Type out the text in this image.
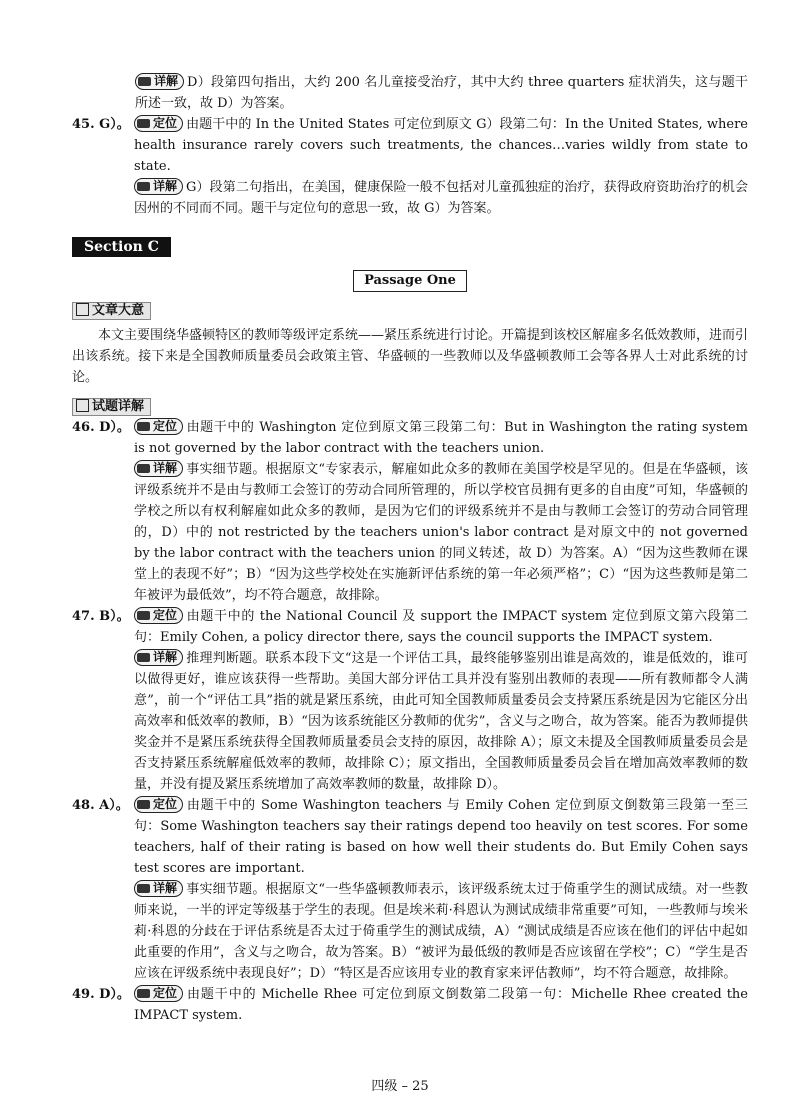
详解 D）段第四句指出，大约 200 名儿童接受治疗，其中大约 three quarters 症状消失，这与题干所述一致，故 D）为答案。

45. G）。	定位 由题干中的 In the United States 可定位到原文 G）段第二句：In the United States, where health insurance rarely covers such treatments, the chances…varies wildly from state to state.

详解 G）段第二句指出，在美国，健康保险一般不包括对儿童孤独症的治疗，获得政府资助治疗的机会因州的不同而不同。题干与定位句的意思一致，故 G）为答案。

Section C
Passage One
文章大意

本文主要围绕华盛顿特区的教师等级评定系统——紧压系统进行讨论。开篇提到该校区解雇多名低效教师，进而引出该系统。接下来是全国教师质量委员会政策主管、华盛顿的一些教师以及华盛顿教师工会等各界人士对此系统的讨论。

试题详解
46. D）。	定位 由题干中的 Washington 定位到原文第三段第二句：But in Washington the rating system is not governed by the labor contract with the teachers union.

详解 事实细节题。根据原文“专家表示，解雇如此众多的教师在美国学校是罕见的。但是在华盛顿，该评级系统并不是由与教师工会签订的劳动合同所管理的，所以学校官员拥有更多的自由度”可知，华盛顿的学校之所以有权利解雇如此众多的教师，是因为它们的评级系统并不是由与教师工会签订的劳动合同管理的，D）中的 not restricted by the teachers union's labor contract 是对原文中的 not governed by the labor contract with the teachers union 的同义转述，故 D）为答案。A）“因为这些教师在课堂上的表现不好”；B）“因为这些学校处在实施新评估系统的第一年必须严格”；C）“因为这些教师是第二年被评为最低效”，均不符合题意，故排除。

47. B）。	定位 由题干中的 the National Council 及 support the IMPACT system 定位到原文第六段第二句：Emily Cohen, a policy director there, says the council supports the IMPACT system.

详解 推理判断题。联系本段下文“这是一个评估工具，最终能够鉴别出谁是高效的，谁是低效的，谁可以做得更好，谁应该获得一些帮助。美国大部分评估工具并没有鉴别出教师的表现——所有教师都令人满意”，前一个“评估工具”指的就是紧压系统，由此可知全国教师质量委员会支持紧压系统是因为它能区分出高效率和低效率的教师，B）“因为该系统能区分教师的优劣”，含义与之吻合，故为答案。能否为教师提供奖金并不是紧压系统获得全国教师质量委员会支持的原因，故排除 A）；原文未提及全国教师质量委员会是否支持紧压系统解雇低效率的教师，故排除 C）；原文指出，全国教师质量委员会旨在增加高效率教师的数量，并没有提及紧压系统增加了高效率教师的数量，故排除 D）。

48. A）。	定位 由题干中的 Some Washington teachers 与 Emily Cohen 定位到原文倒数第三段第一至三句：Some Washington teachers say their ratings depend too heavily on test scores. For some teachers, half of their rating is based on how well their students do. But Emily Cohen says test scores are important.

详解 事实细节题。根据原文“一些华盛顿教师表示，该评级系统太过于倚重学生的测试成绩。对一些教师来说，一半的评定等级基于学生的表现。但是埃米莉·科恩认为测试成绩非常重要”可知，一些教师与埃米莉·科恩的分歧在于评估系统是否太过于倚重学生的测试成绩，A）“测试成绩是否应该在他们的评估中起如此重要的作用”，含义与之吻合，故为答案。B）“被评为最低级的教师是否应该留在学校”；C）“学生是否应该在评级系统中表现良好”；D）“特区是否应该用专业的教育家来评估教师”，均不符合题意，故排除。

49. D）。	定位 由题干中的 Michelle Rhee 可定位到原文倒数第二段第一句：Michelle Rhee created the IMPACT system.

四级 – 25
